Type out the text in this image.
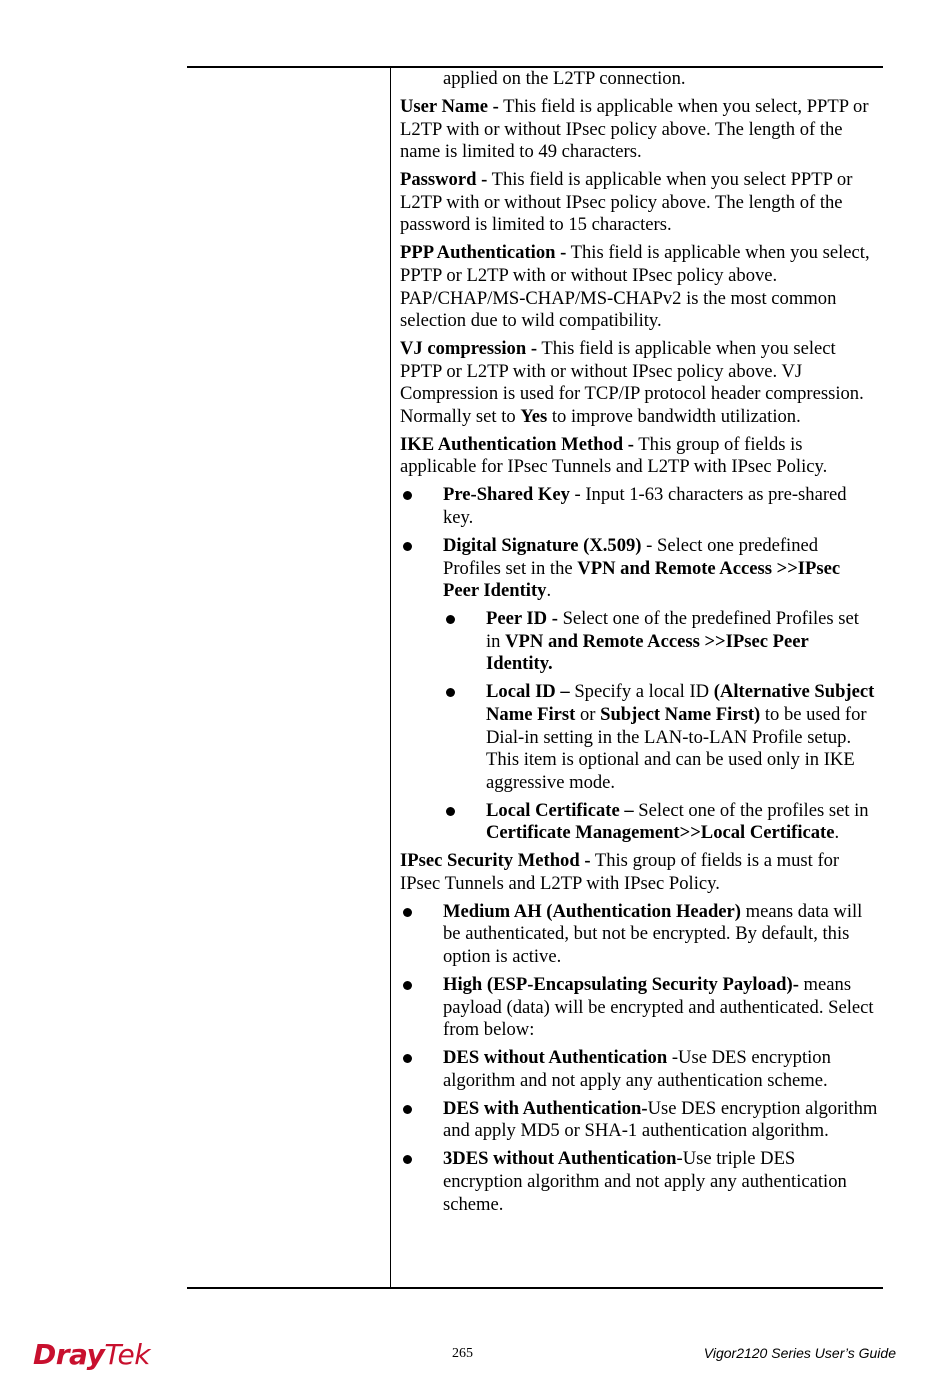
applied on the L2TP connection.

User Name - This field is applicable when you select, PPTP or L2TP with or without IPsec policy above. The length of the name is limited to 49 characters.

Password - This field is applicable when you select PPTP or L2TP with or without IPsec policy above. The length of the password is limited to 15 characters.

PPP Authentication - This field is applicable when you select, PPTP or L2TP with or without IPsec policy above. PAP/CHAP/MS-CHAP/MS-CHAPv2 is the most common selection due to wild compatibility.

VJ compression - This field is applicable when you select PPTP or L2TP with or without IPsec policy above. VJ Compression is used for TCP/IP protocol header compression. Normally set to Yes to improve bandwidth utilization.

IKE Authentication Method - This group of fields is applicable for IPsec Tunnels and L2TP with IPsec Policy.

Pre-Shared Key - Input 1-63 characters as pre-shared key.
Digital Signature (X.509) - Select one predefined Profiles set in the VPN and Remote Access >>IPsec Peer Identity.
Peer ID - Select one of the predefined Profiles set in VPN and Remote Access >>IPsec Peer Identity.
Local ID – Specify a local ID (Alternative Subject Name First or Subject Name First) to be used for Dial-in setting in the LAN-to-LAN Profile setup. This item is optional and can be used only in IKE aggressive mode.
Local Certificate – Select one of the profiles set in Certificate Management>>Local Certificate.

IPsec Security Method - This group of fields is a must for IPsec Tunnels and L2TP with IPsec Policy.

Medium AH (Authentication Header) means data will be authenticated, but not be encrypted. By default, this option is active.
High (ESP-Encapsulating Security Payload)- means payload (data) will be encrypted and authenticated. Select from below:
DES without Authentication -Use DES encryption algorithm and not apply any authentication scheme.
DES with Authentication-Use DES encryption algorithm and apply MD5 or SHA-1 authentication algorithm.
3DES without Authentication-Use triple DES encryption algorithm and not apply any authentication scheme.
DrayTek	265	Vigor2120 Series User’s Guide
